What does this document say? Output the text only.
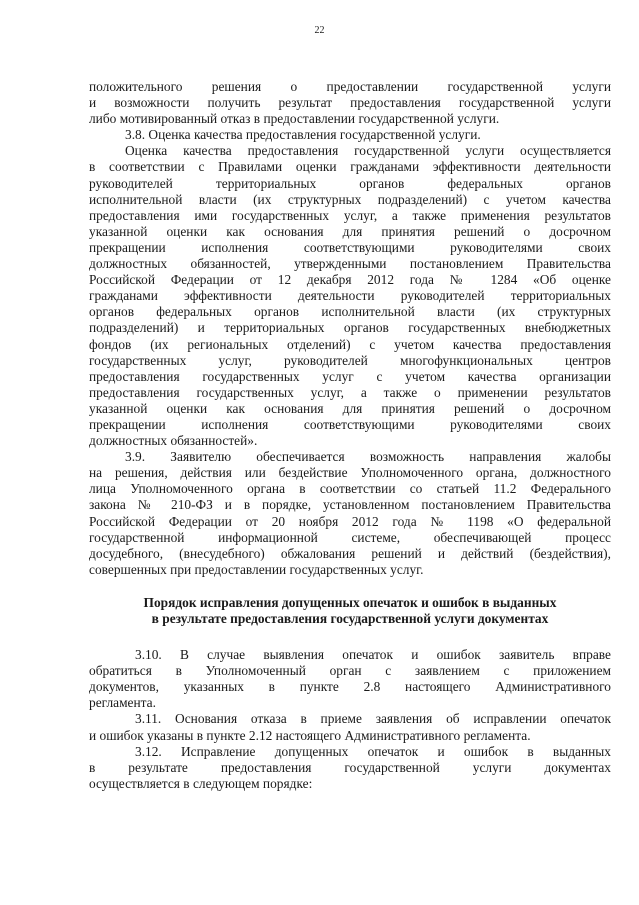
22
положительного решения о предоставлении государственной услуги
и возможности получить результат предоставления государственной услуги
либо мотивированный отказ в предоставлении государственной услуги.
3.8. Оценка качества предоставления государственной услуги.
Оценка качества предоставления государственной услуги осуществляется
в соответствии с Правилами оценки гражданами эффективности деятельности
руководителей территориальных органов федеральных органов
исполнительной власти (их структурных подразделений) с учетом качества
предоставления ими государственных услуг, а также применения результатов
указанной оценки как основания для принятия решений о досрочном
прекращении исполнения соответствующими руководителями своих
должностных обязанностей, утвержденными постановлением Правительства
Российской Федерации от 12 декабря 2012 года № 1284 «Об оценке
гражданами эффективности деятельности руководителей территориальных
органов федеральных органов исполнительной власти (их структурных
подразделений) и территориальных органов государственных внебюджетных
фондов (их региональных отделений) с учетом качества предоставления
государственных услуг, руководителей многофункциональных центров
предоставления государственных услуг с учетом качества организации
предоставления государственных услуг, а также о применении результатов
указанной оценки как основания для принятия решений о досрочном
прекращении исполнения соответствующими руководителями своих
должностных обязанностей».
3.9. Заявителю обеспечивается возможность направления жалобы
на решения, действия или бездействие Уполномоченного органа, должностного
лица Уполномоченного органа в соответствии со статьей 11.2 Федерального
закона № 210-ФЗ и в порядке, установленном постановлением Правительства
Российской Федерации от 20 ноября 2012 года № 1198 «О федеральной
государственной информационной системе, обеспечивающей процесс
досудебного, (внесудебного) обжалования решений и действий (бездействия),
совершенных при предоставлении государственных услуг.
Порядок исправления допущенных опечаток и ошибок в выданных
в результате предоставления государственной услуги документах
3.10. В случае выявления опечаток и ошибок заявитель вправе
обратиться в Уполномоченный орган с заявлением с приложением
документов, указанных в пункте 2.8 настоящего Административного
регламента.
3.11. Основания отказа в приеме заявления об исправлении опечаток
и ошибок указаны в пункте 2.12 настоящего Административного регламента.
3.12. Исправление допущенных опечаток и ошибок в выданных
в результате предоставления государственной услуги документах
осуществляется в следующем порядке:
